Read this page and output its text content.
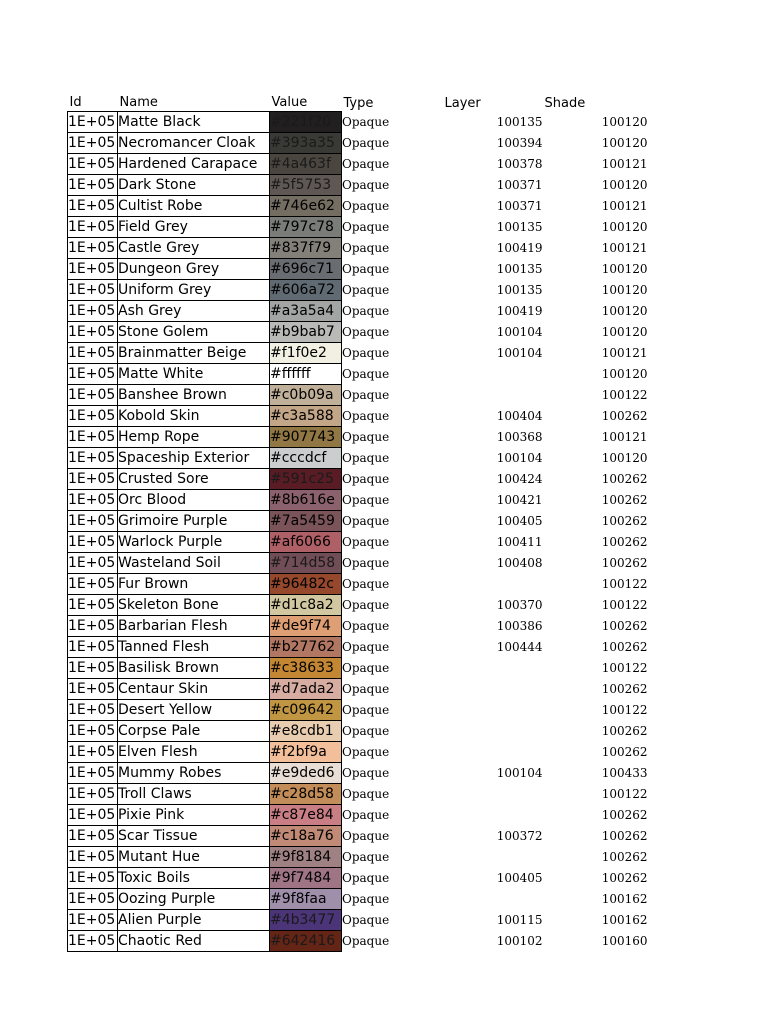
Id	Name	Value	Type	Layer	Shade
1E+05	Matte Black	#221f20	Opaque	100135	100120
1E+05	Necromancer Cloak	#393a35	Opaque	100394	100120
1E+05	Hardened Carapace	#4a463f	Opaque	100378	100121
1E+05	Dark Stone	#5f5753	Opaque	100371	100120
1E+05	Cultist Robe	#746e62	Opaque	100371	100121
1E+05	Field Grey	#797c78	Opaque	100135	100120
1E+05	Castle Grey	#837f79	Opaque	100419	100121
1E+05	Dungeon Grey	#696c71	Opaque	100135	100120
1E+05	Uniform Grey	#606a72	Opaque	100135	100120
1E+05	Ash Grey	#a3a5a4	Opaque	100419	100120
1E+05	Stone Golem	#b9bab7	Opaque	100104	100120
1E+05	Brainmatter Beige	#f1f0e2	Opaque	100104	100121
1E+05	Matte White	#ffffff	Opaque		100120
1E+05	Banshee Brown	#c0b09a	Opaque		100122
1E+05	Kobold Skin	#c3a588	Opaque	100404	100262
1E+05	Hemp Rope	#907743	Opaque	100368	100121
1E+05	Spaceship Exterior	#cccdcf	Opaque	100104	100120
1E+05	Crusted Sore	#591c25	Opaque	100424	100262
1E+05	Orc Blood	#8b616e	Opaque	100421	100262
1E+05	Grimoire Purple	#7a5459	Opaque	100405	100262
1E+05	Warlock Purple	#af6066	Opaque	100411	100262
1E+05	Wasteland Soil	#714d58	Opaque	100408	100262
1E+05	Fur Brown	#96482c	Opaque		100122
1E+05	Skeleton Bone	#d1c8a2	Opaque	100370	100122
1E+05	Barbarian Flesh	#de9f74	Opaque	100386	100262
1E+05	Tanned Flesh	#b27762	Opaque	100444	100262
1E+05	Basilisk Brown	#c38633	Opaque		100122
1E+05	Centaur Skin	#d7ada2	Opaque		100262
1E+05	Desert Yellow	#c09642	Opaque		100122
1E+05	Corpse Pale	#e8cdb1	Opaque		100262
1E+05	Elven Flesh	#f2bf9a	Opaque		100262
1E+05	Mummy Robes	#e9ded6	Opaque	100104	100433
1E+05	Troll Claws	#c28d58	Opaque		100122
1E+05	Pixie Pink	#c87e84	Opaque		100262
1E+05	Scar Tissue	#c18a76	Opaque	100372	100262
1E+05	Mutant Hue	#9f8184	Opaque		100262
1E+05	Toxic Boils	#9f7484	Opaque	100405	100262
1E+05	Oozing Purple	#9f8faa	Opaque		100162
1E+05	Alien Purple	#4b3477	Opaque	100115	100162
1E+05	Chaotic Red	#642416	Opaque	100102	100160
